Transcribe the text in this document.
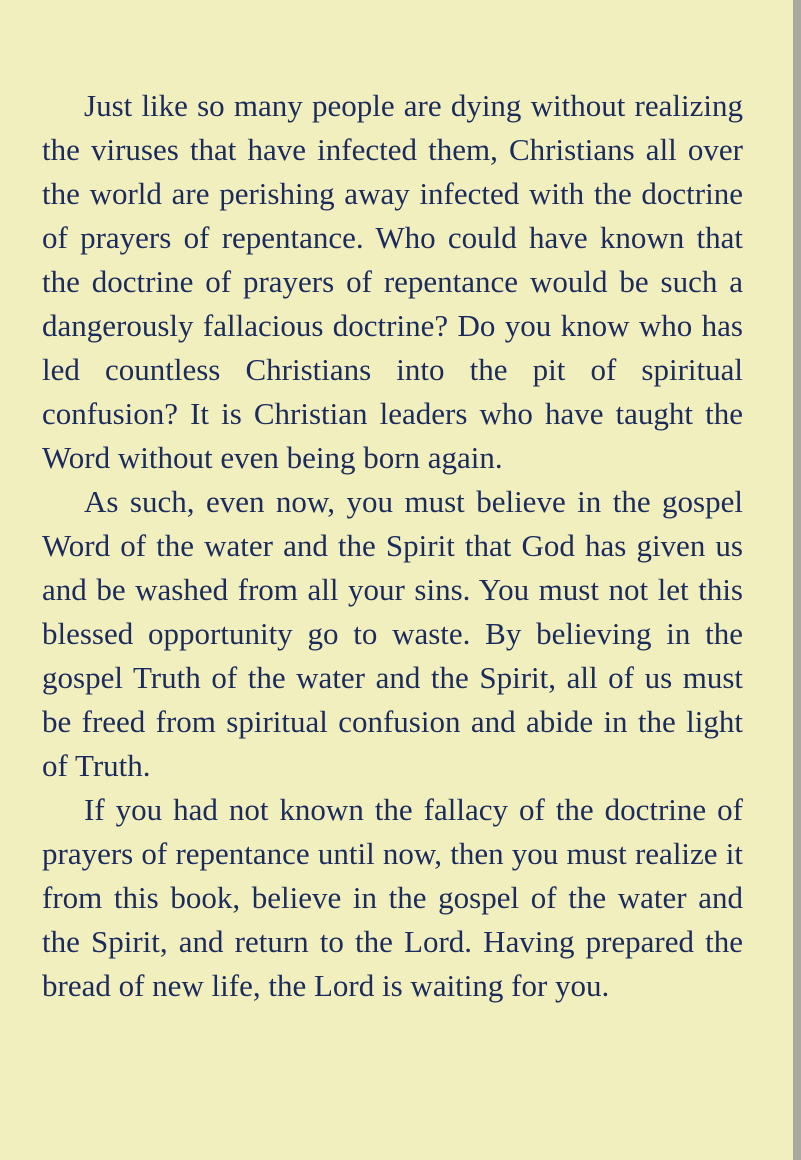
Just like so many people are dying without realizing the viruses that have infected them, Christians all over the world are perishing away infected with the doctrine of prayers of repentance. Who could have known that the doctrine of prayers of repentance would be such a dangerously fallacious doctrine? Do you know who has led countless Christians into the pit of spiritual confusion? It is Christian leaders who have taught the Word without even being born again.

As such, even now, you must believe in the gospel Word of the water and the Spirit that God has given us and be washed from all your sins. You must not let this blessed opportunity go to waste. By believing in the gospel Truth of the water and the Spirit, all of us must be freed from spiritual confusion and abide in the light of Truth.

If you had not known the fallacy of the doctrine of prayers of repentance until now, then you must realize it from this book, believe in the gospel of the water and the Spirit, and return to the Lord. Having prepared the bread of new life, the Lord is waiting for you.
